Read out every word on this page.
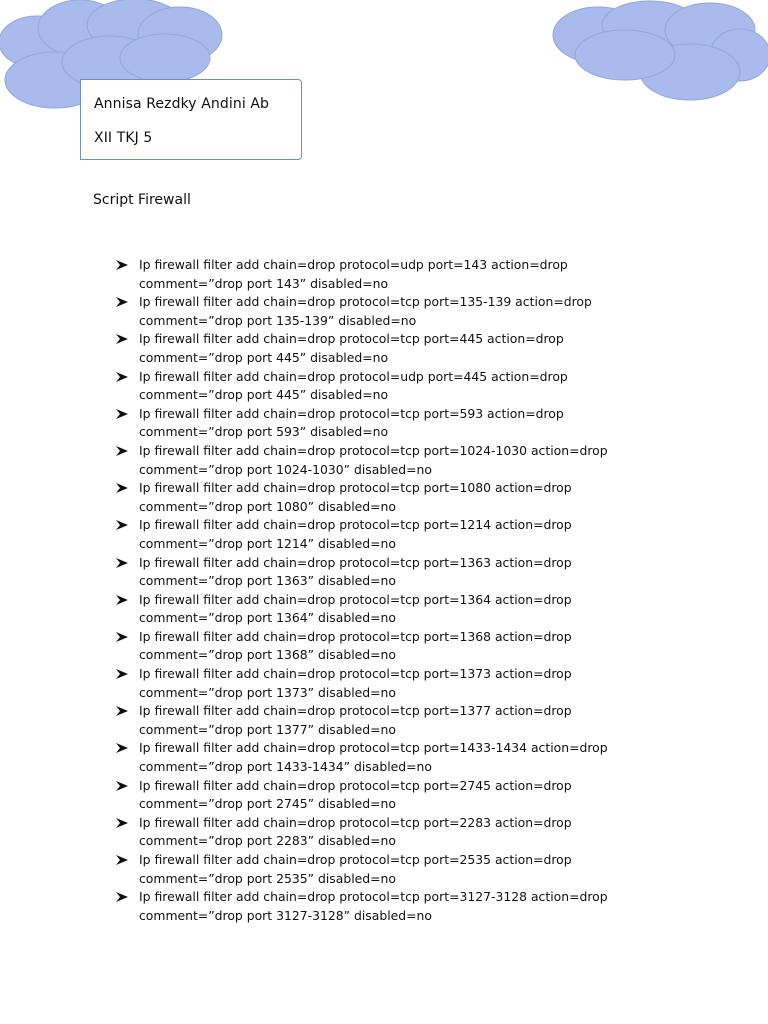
Annisa Rezdky Andini Ab
XII TKJ 5
Script Firewall
Ip firewall filter add chain=drop protocol=udp port=143 action=drop
comment=”drop port 143” disabled=no
Ip firewall filter add chain=drop protocol=tcp port=135-139 action=drop
comment=”drop port 135-139” disabled=no
Ip firewall filter add chain=drop protocol=tcp port=445 action=drop
comment=”drop port 445” disabled=no
Ip firewall filter add chain=drop protocol=udp port=445 action=drop
comment=”drop port 445” disabled=no
Ip firewall filter add chain=drop protocol=tcp port=593 action=drop
comment=”drop port 593” disabled=no
Ip firewall filter add chain=drop protocol=tcp port=1024-1030 action=drop
comment=”drop port 1024-1030” disabled=no
Ip firewall filter add chain=drop protocol=tcp port=1080 action=drop
comment=”drop port 1080” disabled=no
Ip firewall filter add chain=drop protocol=tcp port=1214 action=drop
comment=”drop port 1214” disabled=no
Ip firewall filter add chain=drop protocol=tcp port=1363 action=drop
comment=”drop port 1363” disabled=no
Ip firewall filter add chain=drop protocol=tcp port=1364 action=drop
comment=”drop port 1364” disabled=no
Ip firewall filter add chain=drop protocol=tcp port=1368 action=drop
comment=”drop port 1368” disabled=no
Ip firewall filter add chain=drop protocol=tcp port=1373 action=drop
comment=”drop port 1373” disabled=no
Ip firewall filter add chain=drop protocol=tcp port=1377 action=drop
comment=”drop port 1377” disabled=no
Ip firewall filter add chain=drop protocol=tcp port=1433-1434 action=drop
comment=”drop port 1433-1434” disabled=no
Ip firewall filter add chain=drop protocol=tcp port=2745 action=drop
comment=”drop port 2745” disabled=no
Ip firewall filter add chain=drop protocol=tcp port=2283 action=drop
comment=”drop port 2283” disabled=no
Ip firewall filter add chain=drop protocol=tcp port=2535 action=drop
comment=”drop port 2535” disabled=no
Ip firewall filter add chain=drop protocol=tcp port=3127-3128 action=drop
comment=”drop port 3127-3128” disabled=no
